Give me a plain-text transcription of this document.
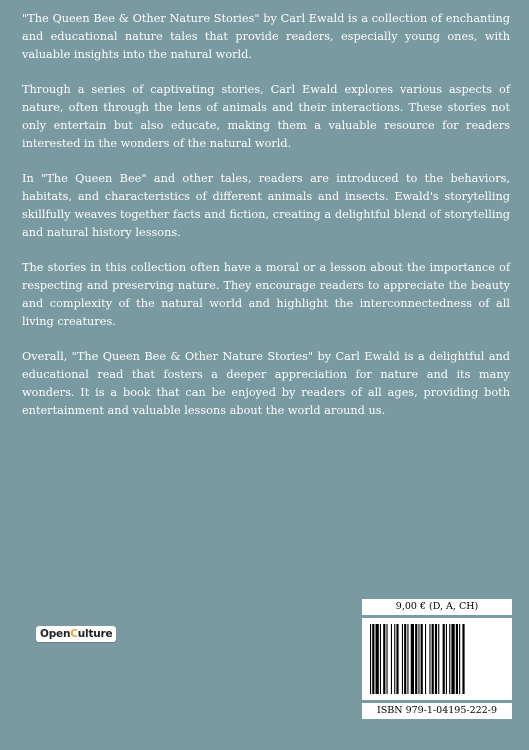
"The Queen Bee & Other Nature Stories" by Carl Ewald is a collection of enchanting and educational nature tales that provide readers, especially young ones, with valuable insights into the natural world.

Through a series of captivating stories, Carl Ewald explores various aspects of nature, often through the lens of animals and their interactions. These stories not only entertain but also educate, making them a valuable resource for readers interested in the wonders of the natural world.

In "The Queen Bee" and other tales, readers are introduced to the behaviors, habitats, and characteristics of different animals and insects. Ewald's storytelling skillfully weaves together facts and fiction, creating a delightful blend of storytelling and natural history lessons.

The stories in this collection often have a moral or a lesson about the importance of respecting and preserving nature. They encourage readers to appreciate the beauty and complexity of the natural world and highlight the interconnectedness of all living creatures.

Overall, "The Queen Bee & Other Nature Stories" by Carl Ewald is a delightful and educational read that fosters a deeper appreciation for nature and its many wonders. It is a book that can be enjoyed by readers of all ages, providing both entertainment and valuable lessons about the world around us.

OpenCulture
9,00 € (D, A, CH)
ISBN 979-1-04195-222-9
